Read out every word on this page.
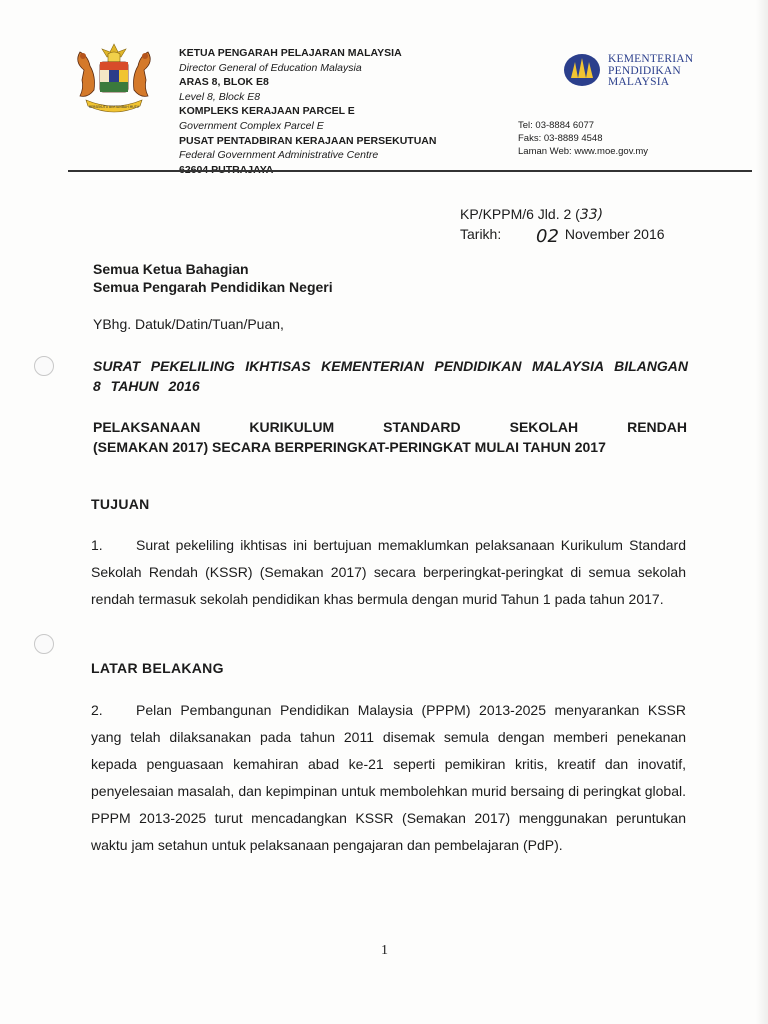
BERSEKUTU BERTAMBAH MUTU
KETUA PENGARAH PELAJARAN MALAYSIA
Director General of Education Malaysia
ARAS 8, BLOK E8
Level 8, Block E8
KOMPLEKS KERAJAAN PARCEL E
Government Complex Parcel E
PUSAT PENTADBIRAN KERAJAAN PERSEKUTUAN
Federal Government Administrative Centre
KEMENTERIAN
PENDIDIKAN
MALAYSIA
Tel: 03-8884 6077
Faks: 03-8889 4548
Laman Web: www.moe.gov.my
KP/KPPM/6 Jld. 2 (33)
Tarikh:	02 November 2016
Semua Ketua Bahagian
Semua Pengarah Pendidikan Negeri
YBhg. Datuk/Datin/Tuan/Puan,
SURAT PEKELILING IKHTISAS KEMENTERIAN PENDIDIKAN MALAYSIA BILANGAN 8 TAHUN 2016
PELAKSANAAN	KURIKULUM	STANDARD	SEKOLAH	RENDAH
(SEMAKAN 2017) SECARA BERPERINGKAT-PERINGKAT MULAI TAHUN 2017
TUJUAN
1. Surat pekeliling ikhtisas ini bertujuan memaklumkan pelaksanaan Kurikulum Standard Sekolah Rendah (KSSR) (Semakan 2017) secara berperingkat-peringkat di semua sekolah rendah termasuk sekolah pendidikan khas bermula dengan murid Tahun 1 pada tahun 2017.
LATAR BELAKANG
2. Pelan Pembangunan Pendidikan Malaysia (PPPM) 2013-2025 menyarankan KSSR yang telah dilaksanakan pada tahun 2011 disemak semula dengan memberi penekanan kepada penguasaan kemahiran abad ke-21 seperti pemikiran kritis, kreatif dan inovatif, penyelesaian masalah, dan kepimpinan untuk membolehkan murid bersaing di peringkat global. PPPM 2013-2025 turut mencadangkan KSSR (Semakan 2017) menggunakan peruntukan waktu jam setahun untuk pelaksanaan pengajaran dan pembelajaran (PdP).
1
